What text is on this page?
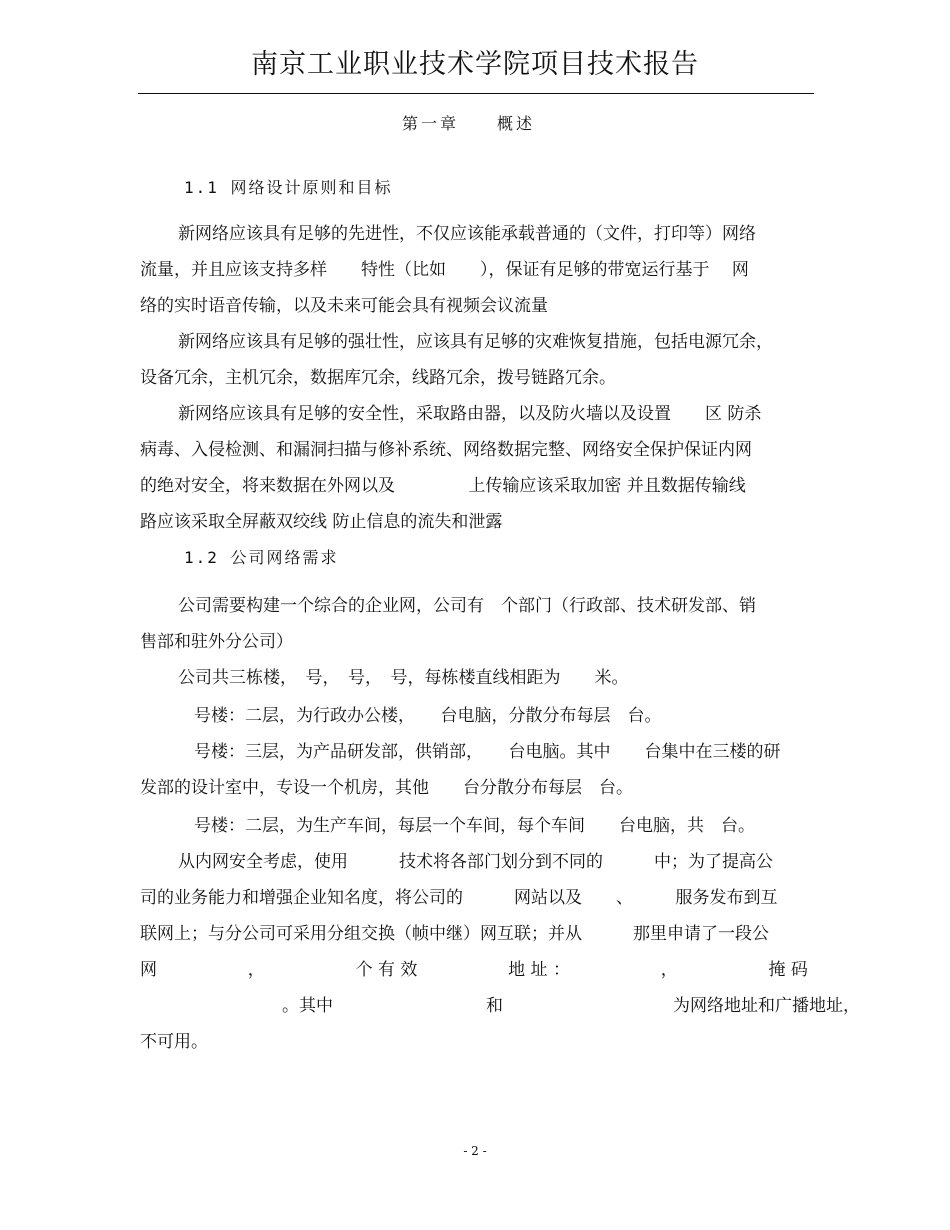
南京工业职业技术学院项目技术报告
第一章 概述
1.1 网络设计原则和目标
新网络应该具有足够的先进性，不仅应该能承载普通的（文件，打印等）网络
流量，并且应该支持多样　　特性（比如　　），保证有足够的带宽运行基于　 网
络的实时语音传输，以及未来可能会具有视频会议流量
新网络应该具有足够的强壮性，应该具有足够的灾难恢复措施，包括电源冗余，
设备冗余，主机冗余，数据库冗余，线路冗余，拨号链路冗余。
新网络应该具有足够的安全性，采取路由器，以及防火墙以及设置　　区 防杀
病毒、入侵检测、和漏洞扫描与修补系统、网络数据完整、网络安全保护保证内网
的绝对安全，将来数据在外网以及　　　　 上传输应该采取加密 并且数据传输线
路应该采取全屏蔽双绞线 防止信息的流失和泄露
1.2 公司网络需求
公司需要构建一个综合的企业网，公司有　个部门（行政部、技术研发部、销
售部和驻外分公司）
公司共三栋楼，　号，　号，　号，每栋楼直线相距为　　米。
号楼：二层，为行政办公楼，　　台电脑，分散分布每层　台。
号楼：三层，为产品研发部，供销部，　　台电脑。其中　　台集中在三楼的研
发部的设计室中，专设一个机房，其他　　台分散分布每层　台。
号楼：二层，为生产车间，每层一个车间，每个车间　　台电脑，共　台。
从内网安全考虑，使用　　　技术将各部门划分到不同的　　　中；为了提高公
司的业务能力和增强企业知名度，将公司的　　　网站以及　　、　　　服务发布到互
联网上；与分公司可采用分组交换（帧中继）网互联；并从　　　那里申请了一段公
网	，	个 有 效	地 址 ：	，	掩 码
。其中　　　　　　　　　和　　　　　　　　　　为网络地址和广播地址，
不可用。
- 2 -
